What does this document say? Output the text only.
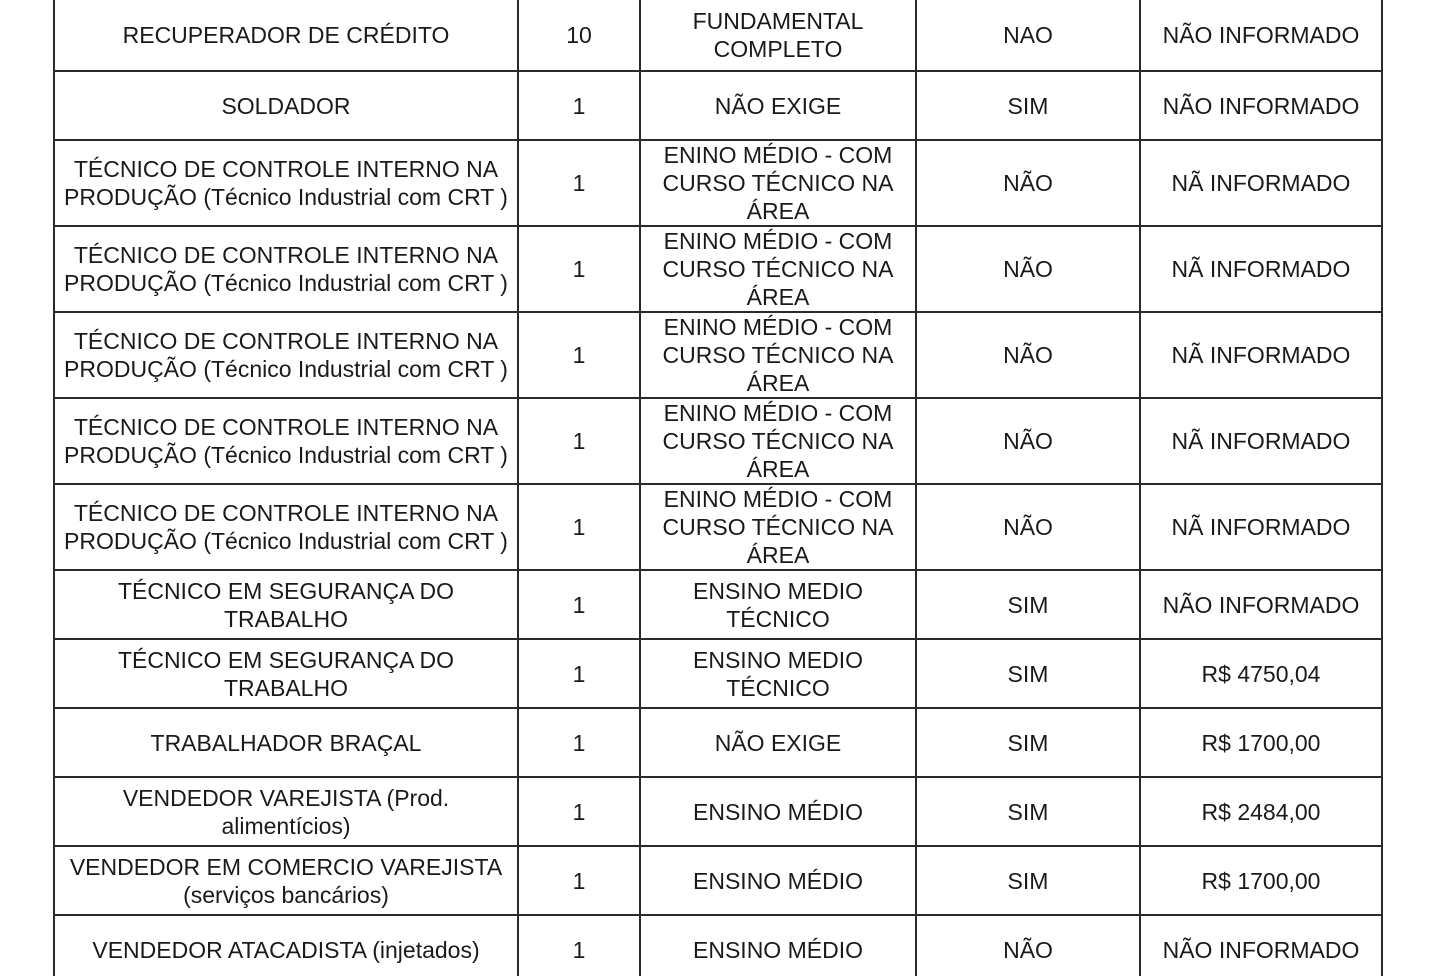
RECUPERADOR DE CRÉDITO	10	FUNDAMENTAL COMPLETO	NAO	NÃO INFORMADO
SOLDADOR	1	NÃO EXIGE	SIM	NÃO INFORMADO
TÉCNICO DE CONTROLE INTERNO NA PRODUÇÃO (Técnico Industrial com CRT )	1	ENINO MÉDIO - COM CURSO TÉCNICO NA ÁREA	NÃO	NÃ INFORMADO
TÉCNICO DE CONTROLE INTERNO NA PRODUÇÃO (Técnico Industrial com CRT )	1	ENINO MÉDIO - COM CURSO TÉCNICO NA ÁREA	NÃO	NÃ INFORMADO
TÉCNICO DE CONTROLE INTERNO NA PRODUÇÃO (Técnico Industrial com CRT )	1	ENINO MÉDIO - COM CURSO TÉCNICO NA ÁREA	NÃO	NÃ INFORMADO
TÉCNICO DE CONTROLE INTERNO NA PRODUÇÃO (Técnico Industrial com CRT )	1	ENINO MÉDIO - COM CURSO TÉCNICO NA ÁREA	NÃO	NÃ INFORMADO
TÉCNICO DE CONTROLE INTERNO NA PRODUÇÃO (Técnico Industrial com CRT )	1	ENINO MÉDIO - COM CURSO TÉCNICO NA ÁREA	NÃO	NÃ INFORMADO
TÉCNICO EM SEGURANÇA DO TRABALHO	1	ENSINO MEDIO TÉCNICO	SIM	NÃO INFORMADO
TÉCNICO EM SEGURANÇA DO TRABALHO	1	ENSINO MEDIO TÉCNICO	SIM	R$ 4750,04
TRABALHADOR BRAÇAL	1	NÃO EXIGE	SIM	R$ 1700,00
VENDEDOR VAREJISTA (Prod. alimentícios)	1	ENSINO MÉDIO	SIM	R$ 2484,00
VENDEDOR EM COMERCIO VAREJISTA (serviços bancários)	1	ENSINO MÉDIO	SIM	R$ 1700,00
VENDEDOR ATACADISTA (injetados)	1	ENSINO MÉDIO	NÃO	NÃO INFORMADO
